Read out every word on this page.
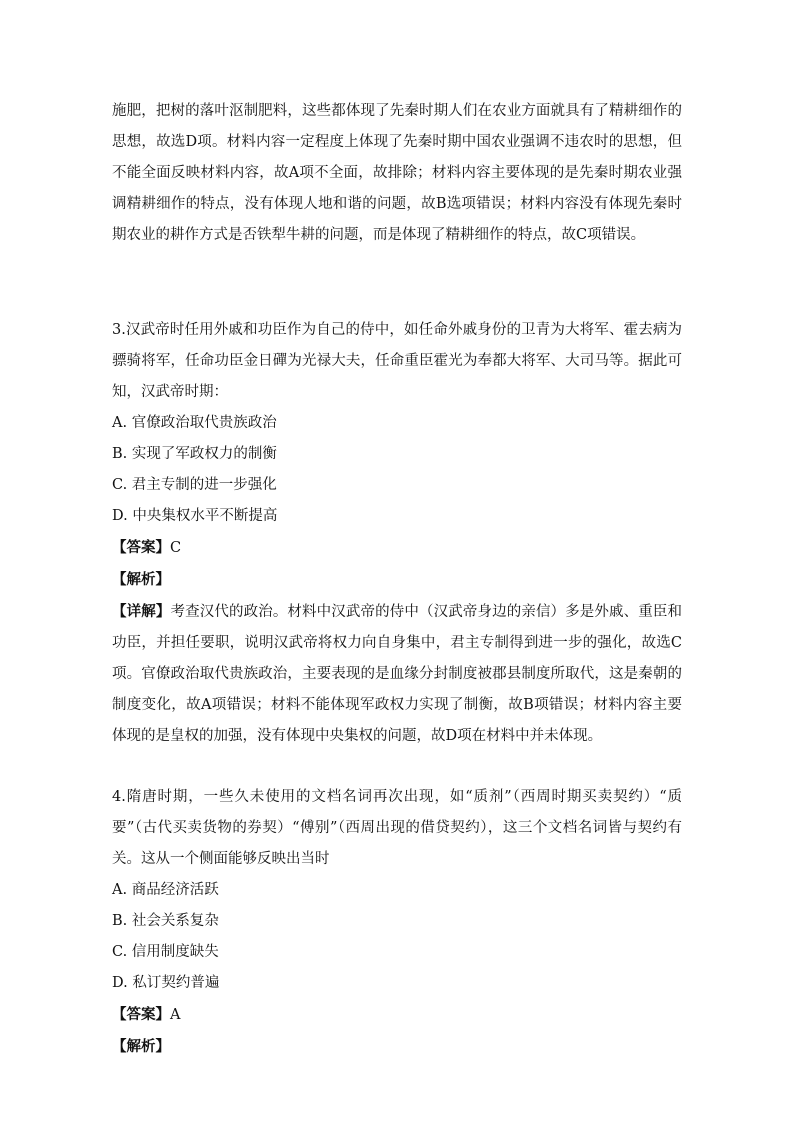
施肥，把树的落叶沤制肥料，这些都体现了先秦时期人们在农业方面就具有了精耕细作的思想，故选D项。材料内容一定程度上体现了先秦时期中国农业强调不违农时的思想，但不能全面反映材料内容，故A项不全面，故排除；材料内容主要体现的是先秦时期农业强调精耕细作的特点，没有体现人地和谐的问题，故B选项错误；材料内容没有体现先秦时期农业的耕作方式是否铁犁牛耕的问题，而是体现了精耕细作的特点，故C项错误。

3.汉武帝时任用外戚和功臣作为自己的侍中，如任命外戚身份的卫青为大将军、霍去病为骠骑将军，任命功臣金日磾为光禄大夫，任命重臣霍光为奉都大将军、大司马等。据此可知，汉武帝时期：

A. 官僚政治取代贵族政治

B. 实现了军政权力的制衡

C. 君主专制的进一步强化

D. 中央集权水平不断提高

【答案】C

【解析】

【详解】考查汉代的政治。材料中汉武帝的侍中（汉武帝身边的亲信）多是外戚、重臣和功臣，并担任要职，说明汉武帝将权力向自身集中，君主专制得到进一步的强化，故选C项。官僚政治取代贵族政治，主要表现的是血缘分封制度被郡县制度所取代，这是秦朝的制度变化，故A项错误；材料不能体现军政权力实现了制衡，故B项错误；材料内容主要体现的是皇权的加强，没有体现中央集权的问题，故D项在材料中并未体现。

4.隋唐时期，一些久未使用的文档名词再次出现，如“质剂”（西周时期买卖契约）“质要”（古代买卖货物的券契）“傅别”（西周出现的借贷契约），这三个文档名词皆与契约有关。这从一个侧面能够反映出当时

A. 商品经济活跃

B. 社会关系复杂

C. 信用制度缺失

D. 私订契约普遍

【答案】A

【解析】
